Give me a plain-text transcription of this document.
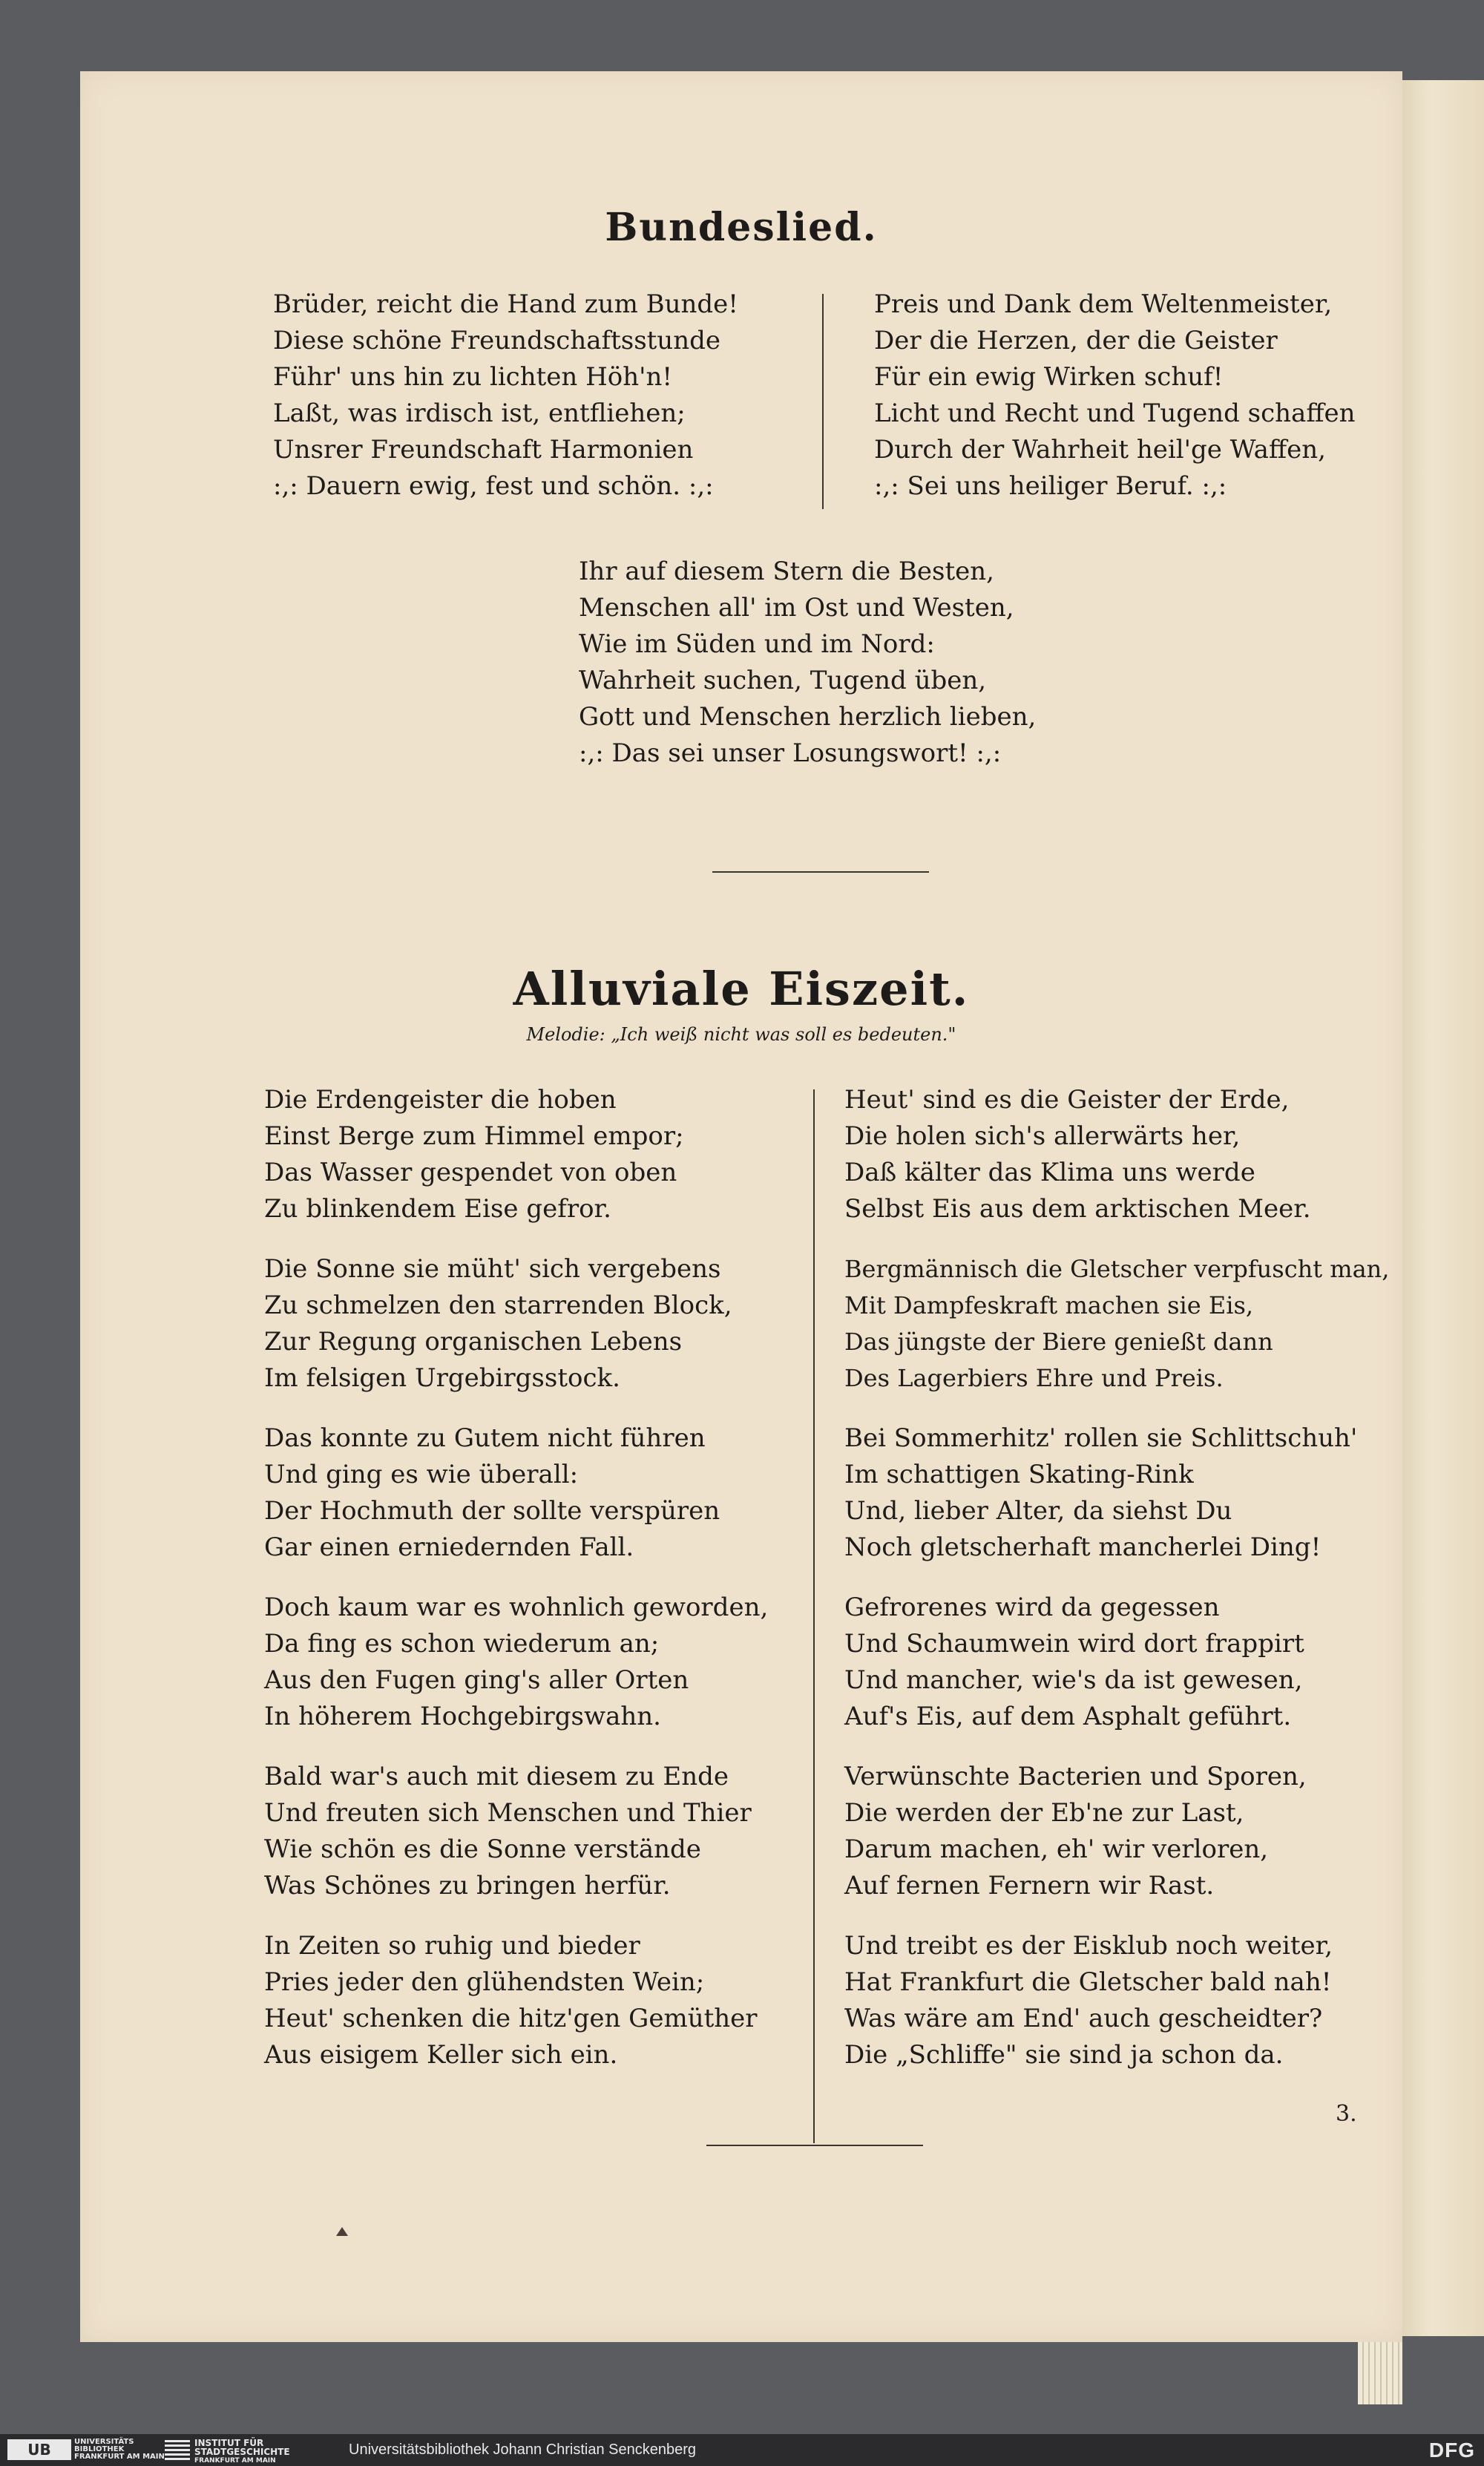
Bundeslied.
Brüder, reicht die Hand zum Bunde!
Diese schöne Freundschaftsstunde
Führ' uns hin zu lichten Höh'n!
Laßt, was irdisch ist, entfliehen;
Unsrer Freundschaft Harmonien
:,: Dauern ewig, fest und schön. :,:
Preis und Dank dem Weltenmeister,
Der die Herzen, der die Geister
Für ein ewig Wirken schuf!
Licht und Recht und Tugend schaffen
Durch der Wahrheit heil'ge Waffen,
:,: Sei uns heiliger Beruf. :,:
Ihr auf diesem Stern die Besten,
Menschen all' im Ost und Westen,
Wie im Süden und im Nord:
Wahrheit suchen, Tugend üben,
Gott und Menschen herzlich lieben,
:,: Das sei unser Losungswort! :,:
Alluviale Eiszeit.
Melodie: „Ich weiß nicht was soll es bedeuten."
Die Erdengeister die hoben
Einst Berge zum Himmel empor;
Das Wasser gespendet von oben
Zu blinkendem Eise gefror.
Die Sonne sie müht' sich vergebens
Zu schmelzen den starrenden Block,
Zur Regung organischen Lebens
Im felsigen Urgebirgsstock.
Das konnte zu Gutem nicht führen
Und ging es wie überall:
Der Hochmuth der sollte verspüren
Gar einen erniedernden Fall.
Doch kaum war es wohnlich geworden,
Da fing es schon wiederum an;
Aus den Fugen ging's aller Orten
In höherem Hochgebirgswahn.
Bald war's auch mit diesem zu Ende
Und freuten sich Menschen und Thier
Wie schön es die Sonne verstände
Was Schönes zu bringen herfür.
In Zeiten so ruhig und bieder
Pries jeder den glühendsten Wein;
Heut' schenken die hitz'gen Gemüther
Aus eisigem Keller sich ein.
Heut' sind es die Geister der Erde,
Die holen sich's allerwärts her,
Daß kälter das Klima uns werde
Selbst Eis aus dem arktischen Meer.
Bergmännisch die Gletscher verpfuscht man,
Mit Dampfeskraft machen sie Eis,
Das jüngste der Biere genießt dann
Des Lagerbiers Ehre und Preis.
Bei Sommerhitz' rollen sie Schlittschuh'
Im schattigen Skating-Rink
Und, lieber Alter, da siehst Du
Noch gletscherhaft mancherlei Ding!
Gefrorenes wird da gegessen
Und Schaumwein wird dort frappirt
Und mancher, wie's da ist gewesen,
Auf's Eis, auf dem Asphalt geführt.
Verwünschte Bacterien und Sporen,
Die werden der Eb'ne zur Last,
Darum machen, eh' wir verloren,
Auf fernen Fernern wir Rast.
Und treibt es der Eisklub noch weiter,
Hat Frankfurt die Gletscher bald nah!
Was wäre am End' auch gescheidter?
Die „Schliffe" sie sind ja schon da.
3.
UB	UNIVERSITÄTS
BIBLIOTHEK
FRANKFURT AM MAIN
INSTITUT FÜR
STADTGESCHICHTE
FRANKFURT AM MAIN
Universitätsbibliothek Johann Christian Senckenberg	DFG
